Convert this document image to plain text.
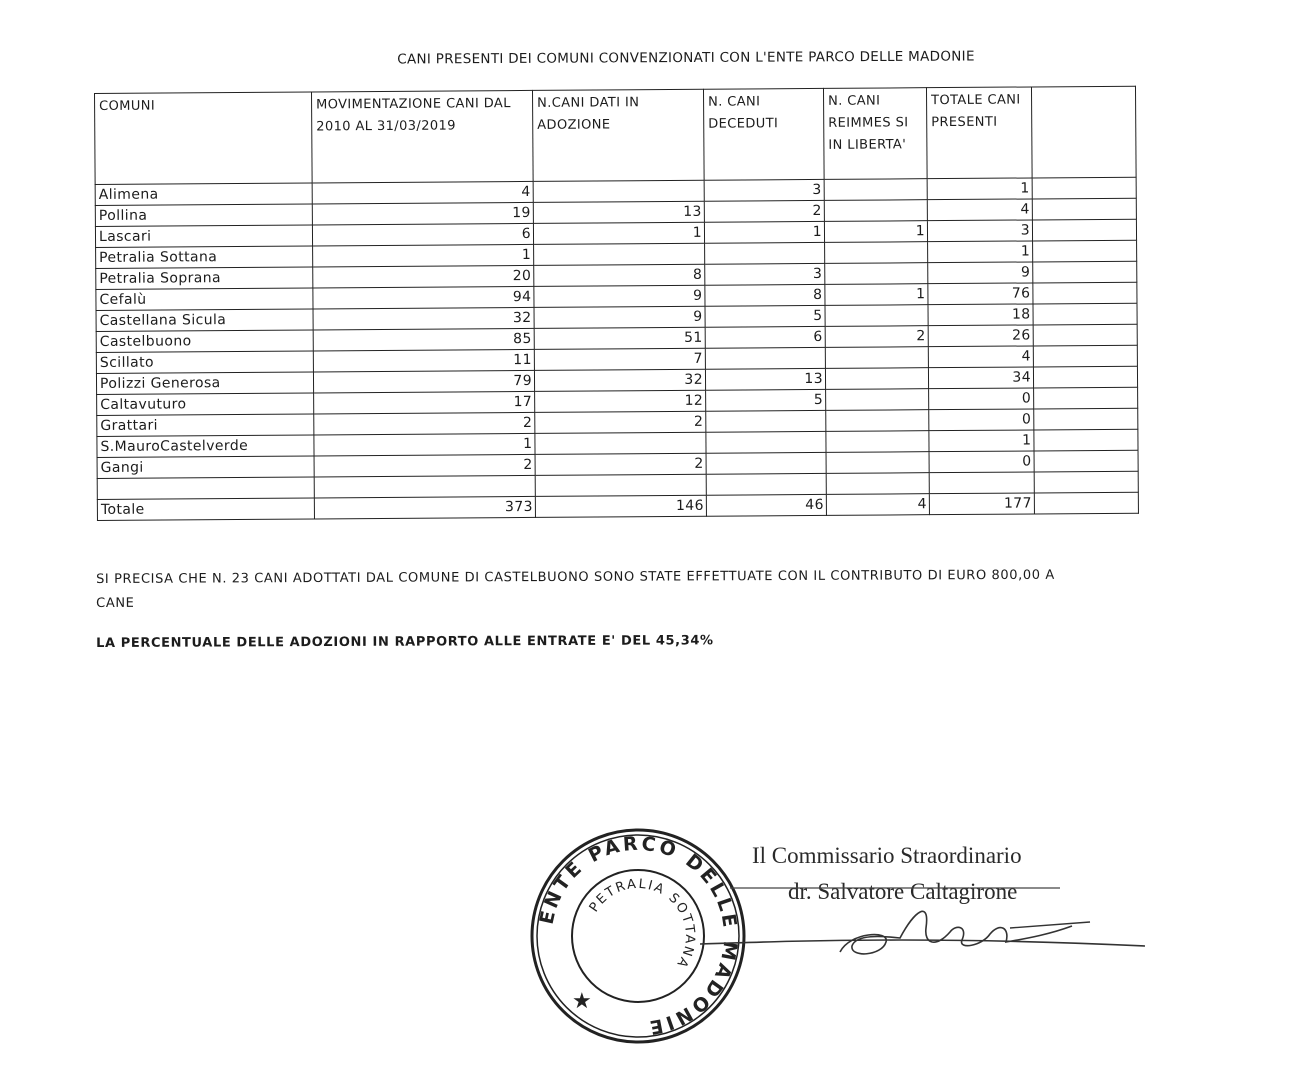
CANI PRESENTI DEI COMUNI CONVENZIONATI CON L'ENTE PARCO DELLE MADONIE
COMUNI	MOVIMENTAZIONE CANI DAL 2010 AL 31/03/2019	N.CANI DATI IN ADOZIONE	N. CANI DECEDUTI	N. CANI REIMMES SI IN LIBERTA'	TOTALE CANI PRESENTI	
Alimena	4		3		1	
Pollina	19	13	2		4	
Lascari	6	1	1	1	3	
Petralia Sottana	1				1	
Petralia Soprana	20	8	3		9	
Cefalù	94	9	8	1	76	
Castellana Sicula	32	9	5		18	
Castelbuono	85	51	6	2	26	
Scillato	11	7			4	
Polizzi Generosa	79	32	13		34	
Caltavuturo	17	12	5		0	
Grattari	2	2			0	
S.MauroCastelverde	1				1	
Gangi	2	2			0	

Totale	373	146	46	4	177	
SI PRECISA CHE N. 23 CANI ADOTTATI DAL COMUNE DI CASTELBUONO SONO STATE EFFETTUATE CON IL CONTRIBUTO DI EURO 800,00 A CANE
LA PERCENTUALE DELLE ADOZIONI IN RAPPORTO ALLE ENTRATE E' DEL 45,34%
ENTE PARCO DELLE MADONIE
PETRALIA SOTTANA
★
Il Commissario Straordinario
dr. Salvatore Caltagirone
